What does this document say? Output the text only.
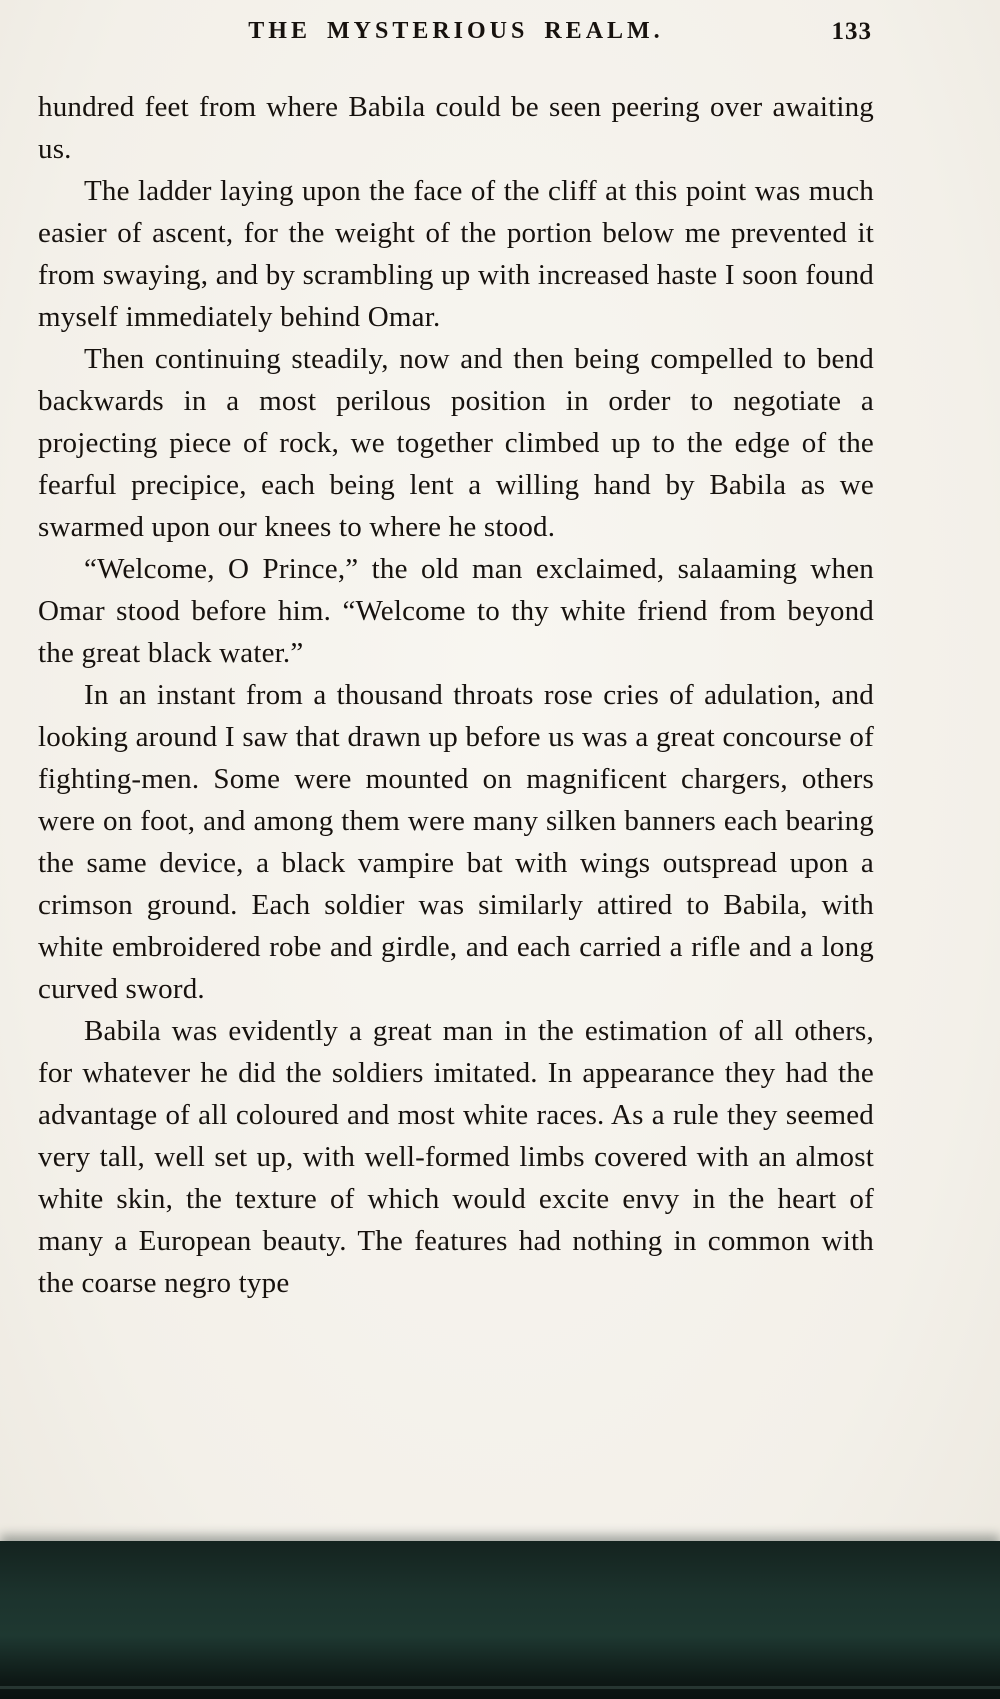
THE MYSTERIOUS REALM.	133

hundred feet from where Babila could be seen peering over awaiting us.

The ladder laying upon the face of the cliff at this point was much easier of ascent, for the weight of the portion below me prevented it from swaying, and by scrambling up with increased haste I soon found myself immediately behind Omar.

Then continuing steadily, now and then being compelled to bend backwards in a most perilous position in order to negotiate a projecting piece of rock, we together climbed up to the edge of the fearful precipice, each being lent a willing hand by Babila as we swarmed upon our knees to where he stood.

“Welcome, O Prince,” the old man exclaimed, salaaming when Omar stood before him. “Welcome to thy white friend from beyond the great black water.”

In an instant from a thousand throats rose cries of adulation, and looking around I saw that drawn up before us was a great concourse of fighting-men. Some were mounted on magnificent chargers, others were on foot, and among them were many silken banners each bearing the same device, a black vampire bat with wings outspread upon a crimson ground. Each soldier was similarly attired to Babila, with white embroidered robe and girdle, and each carried a rifle and a long curved sword.

Babila was evidently a great man in the estimation of all others, for whatever he did the soldiers imitated. In appearance they had the advantage of all coloured and most white races. As a rule they seemed very tall, well set up, with well-formed limbs covered with an almost white skin, the texture of which would excite envy in the heart of many a European beauty. The features had nothing in common with the coarse negro type
